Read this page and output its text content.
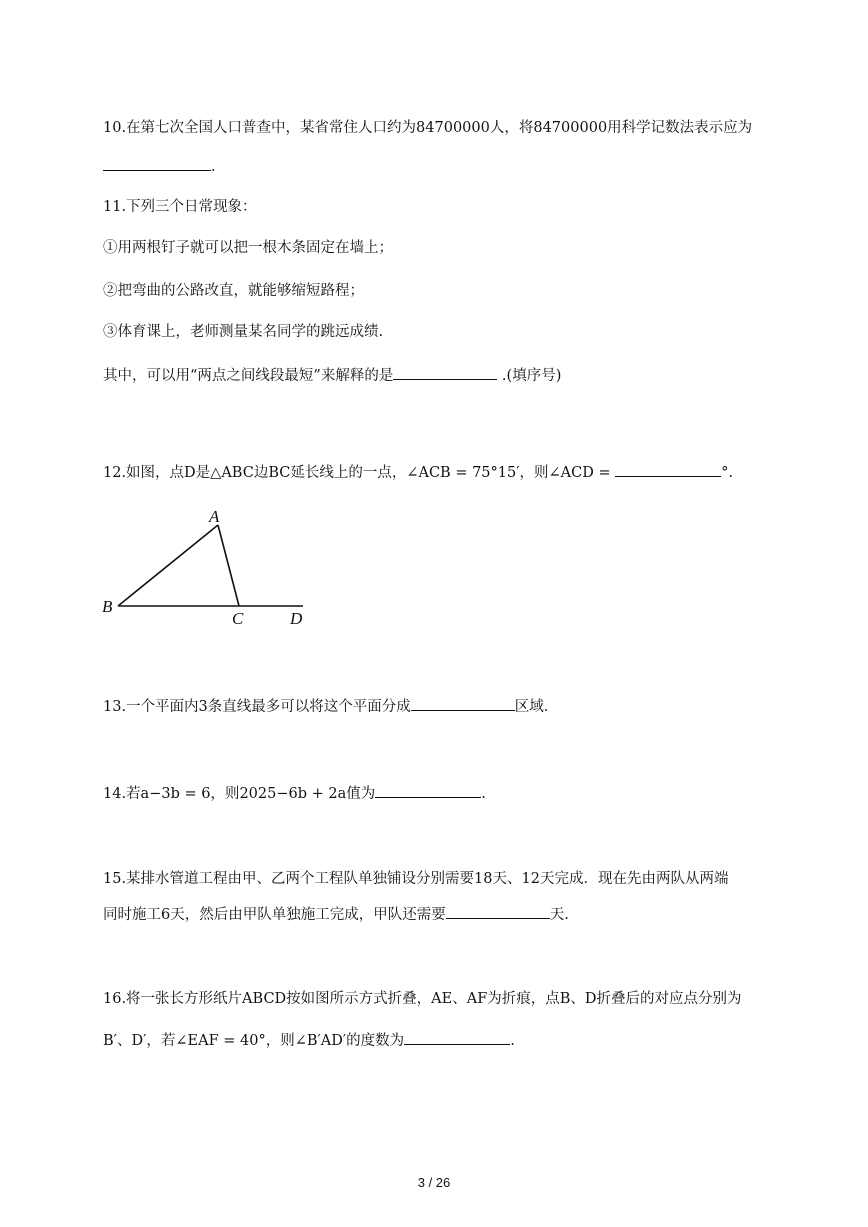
10.在第七次全国人口普查中，某省常住人口约为84700000人，将84700000用科学记数法表示应为
.
11.下列三个日常现象：
①用两根钉子就可以把一根木条固定在墙上；
②把弯曲的公路改直，就能够缩短路程；
③体育课上，老师测量某名同学的跳远成绩.
其中，可以用“两点之间线段最短”来解释的是	.(填序号)
12.如图，点D是△ABC边BC延长线上的一点，∠ACB = 75°15′，则∠ACD =	°.
A
B
C	D
13.一个平面内3条直线最多可以将这个平面分成	区域.
14.若a−3b = 6，则2025−6b + 2a值为	.
15.某排水管道工程由甲、乙两个工程队单独铺设分别需要18天、12天完成．现在先由两队从两端
同时施工6天，然后由甲队单独施工完成，甲队还需要	天.
16.将一张长方形纸片ABCD按如图所示方式折叠，AE、AF为折痕，点B、D折叠后的对应点分别为
B′、D′，若∠EAF = 40°，则∠B′AD′的度数为	.
3 / 26
